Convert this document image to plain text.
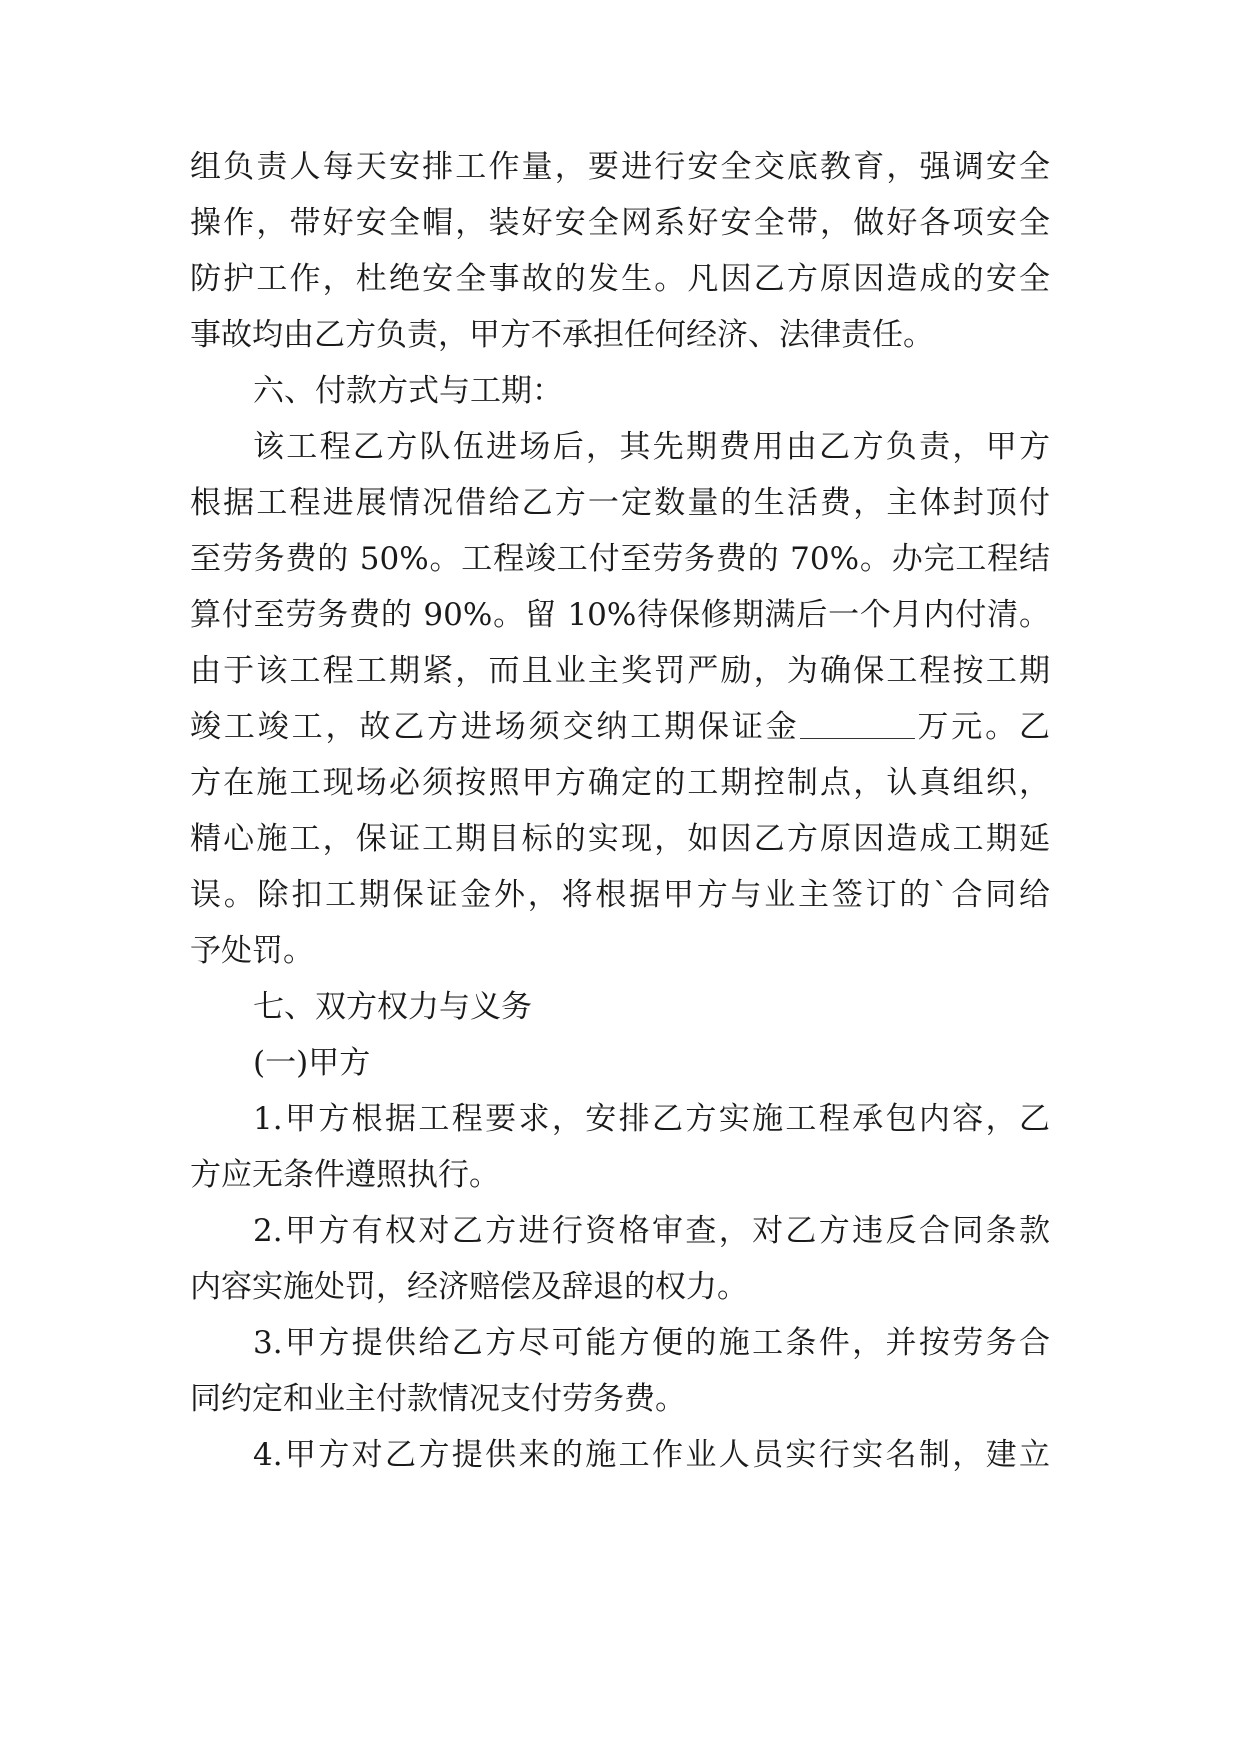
组负责人每天安排工作量，要进行安全交底教育，强调安全
操作，带好安全帽，装好安全网系好安全带，做好各项安全
防护工作，杜绝安全事故的发生。凡因乙方原因造成的安全
事故均由乙方负责，甲方不承担任何经济、法律责任。
六、付款方式与工期：
该工程乙方队伍进场后，其先期费用由乙方负责，甲方
根据工程进展情况借给乙方一定数量的生活费，主体封顶付
至劳务费的 50%。工程竣工付至劳务费的 70%。办完工程结
算付至劳务费的 90%。留 10%待保修期满后一个月内付清。
由于该工程工期紧，而且业主奖罚严励，为确保工程按工期
竣工竣工，故乙方进场须交纳工期保证金	万元。乙
方在施工现场必须按照甲方确定的工期控制点，认真组织，
精心施工，保证工期目标的实现，如因乙方原因造成工期延
误。除扣工期保证金外，将根据甲方与业主签订的`合同给
予处罚。
七、双方权力与义务
(一)甲方
1.甲方根据工程要求，安排乙方实施工程承包内容，乙
方应无条件遵照执行。
2.甲方有权对乙方进行资格审查，对乙方违反合同条款
内容实施处罚，经济赔偿及辞退的权力。
3.甲方提供给乙方尽可能方便的施工条件，并按劳务合
同约定和业主付款情况支付劳务费。
4.甲方对乙方提供来的施工作业人员实行实名制，建立
